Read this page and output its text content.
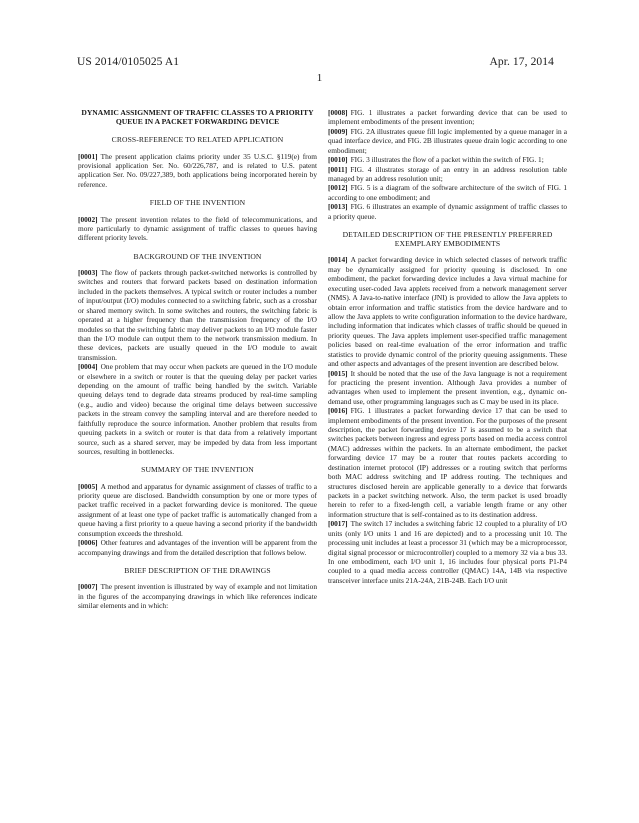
US 2014/0105025 A1	Apr. 17, 2014
1
DYNAMIC ASSIGNMENT OF TRAFFIC CLASSES TO A PRIORITY QUEUE IN A PACKET FORWARDING DEVICE
CROSS-REFERENCE TO RELATED APPLICATION

[0001] The present application claims priority under 35 U.S.C. §119(e) from provisional application Ser. No. 60/226,787, and is related to U.S. patent application Ser. No. 09/227,389, both applications being incorporated herein by reference.

FIELD OF THE INVENTION

[0002] The present invention relates to the field of telecommunications, and more particularly to dynamic assignment of traffic classes to queues having different priority levels.

BACKGROUND OF THE INVENTION

[0003] The flow of packets through packet-switched networks is controlled by switches and routers that forward packets based on destination information included in the packets themselves. A typical switch or router includes a number of input/output (I/O) modules connected to a switching fabric, such as a crossbar or shared memory switch. In some switches and routers, the switching fabric is operated at a higher frequency than the transmission frequency of the I/O modules so that the switching fabric may deliver packets to an I/O module faster than the I/O module can output them to the network transmission medium. In these devices, packets are usually queued in the I/O module to await transmission.

[0004] One problem that may occur when packets are queued in the I/O module or elsewhere in a switch or router is that the queuing delay per packet varies depending on the amount of traffic being handled by the switch. Variable queuing delays tend to degrade data streams produced by real-time sampling (e.g., audio and video) because the original time delays between successive packets in the stream convey the sampling interval and are therefore needed to faithfully reproduce the source information. Another problem that results from queuing packets in a switch or router is that data from a relatively important source, such as a shared server, may be impeded by data from less important sources, resulting in bottlenecks.

SUMMARY OF THE INVENTION

[0005] A method and apparatus for dynamic assignment of classes of traffic to a priority queue are disclosed. Bandwidth consumption by one or more types of packet traffic received in a packet forwarding device is monitored. The queue assignment of at least one type of packet traffic is automatically changed from a queue having a first priority to a queue having a second priority if the bandwidth consumption exceeds the threshold.

[0006] Other features and advantages of the invention will be apparent from the accompanying drawings and from the detailed description that follows below.

BRIEF DESCRIPTION OF THE DRAWINGS

[0007] The present invention is illustrated by way of example and not limitation in the figures of the accompanying drawings in which like references indicate similar elements and in which:

[0008] FIG. 1 illustrates a packet forwarding device that can be used to implement embodiments of the present invention;

[0009] FIG. 2A illustrates queue fill logic implemented by a queue manager in a quad interface device, and FIG. 2B illustrates queue drain logic according to one embodiment;

[0010] FIG. 3 illustrates the flow of a packet within the switch of FIG. 1;

[0011] FIG. 4 illustrates storage of an entry in an address resolution table managed by an address resolution unit;

[0012] FIG. 5 is a diagram of the software architecture of the switch of FIG. 1 according to one embodiment; and

[0013] FIG. 6 illustrates an example of dynamic assignment of traffic classes to a priority queue.

DETAILED DESCRIPTION OF THE PRESENTLY PREFERRED EXEMPLARY EMBODIMENTS

[0014] A packet forwarding device in which selected classes of network traffic may be dynamically assigned for priority queuing is disclosed. In one embodiment, the packet forwarding device includes a Java virtual machine for executing user-coded Java applets received from a network management server (NMS). A Java-to-native interface (JNI) is provided to allow the Java applets to obtain error information and traffic statistics from the device hardware and to allow the Java applets to write configuration information to the device hardware, including information that indicates which classes of traffic should be queued in priority queues. The Java applets implement user-specified traffic management policies based on real-time evaluation of the error information and traffic statistics to provide dynamic control of the priority queuing assignments. These and other aspects and advantages of the present invention are described below.

[0015] It should be noted that the use of the Java language is not a requirement for practicing the present invention. Although Java provides a number of advantages when used to implement the present invention, e.g., dynamic on-demand use, other programming languages such as C may be used in its place.

[0016] FIG. 1 illustrates a packet forwarding device 17 that can be used to implement embodiments of the present invention. For the purposes of the present description, the packet forwarding device 17 is assumed to be a switch that switches packets between ingress and egress ports based on media access control (MAC) addresses within the packets. In an alternate embodiment, the packet forwarding device 17 may be a router that routes packets according to destination internet protocol (IP) addresses or a routing switch that performs both MAC address switching and IP address routing. The techniques and structures disclosed herein are applicable generally to a device that forwards packets in a packet switching network. Also, the term packet is used broadly herein to refer to a fixed-length cell, a variable length frame or any other information structure that is self-contained as to its destination address.

[0017] The switch 17 includes a switching fabric 12 coupled to a plurality of I/O units (only I/O units 1 and 16 are depicted) and to a processing unit 10. The processing unit includes at least a processor 31 (which may be a microprocessor, digital signal processor or microcontroller) coupled to a memory 32 via a bus 33. In one embodiment, each I/O unit 1, 16 includes four physical ports P1-P4 coupled to a quad media access controller (QMAC) 14A, 14B via respective transceiver interface units 21A-24A, 21B-24B. Each I/O unit
